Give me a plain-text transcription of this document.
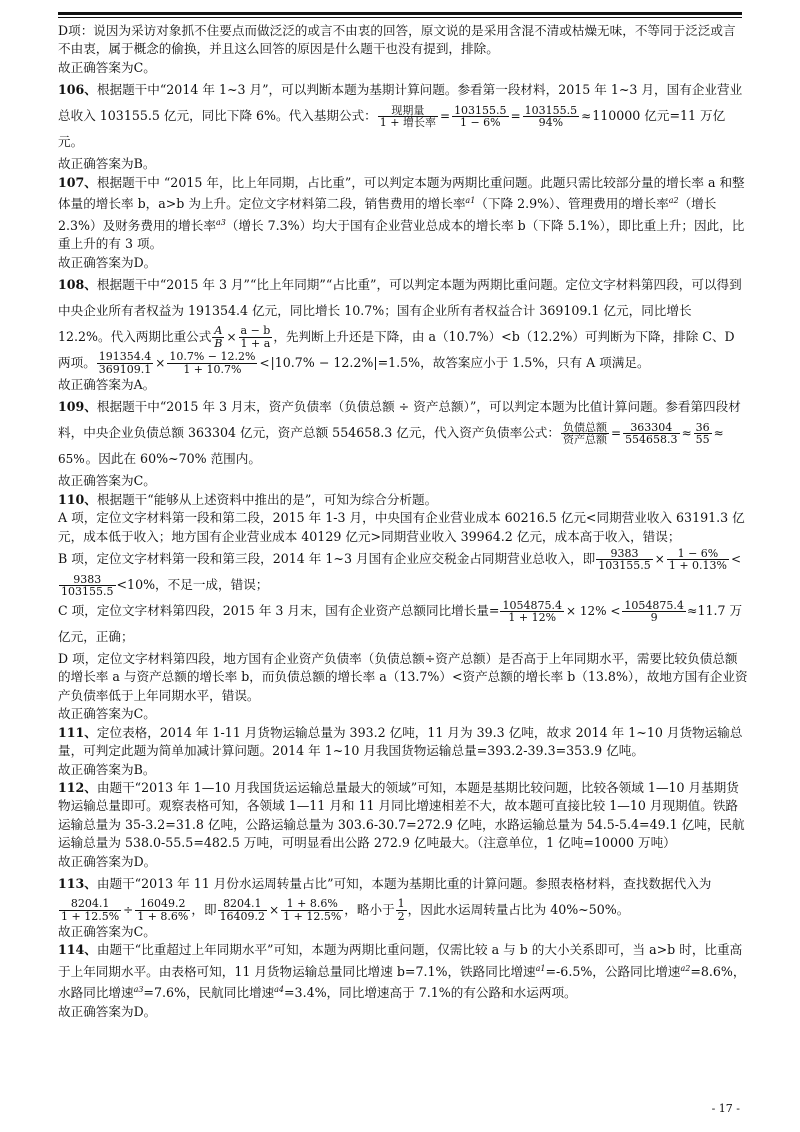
D项：说因为采访对象抓不住要点而做泛泛的或言不由衷的回答，原文说的是采用含混不清或枯燥无味，不等同于泛泛或言不由衷，属于概念的偷换，并且这么回答的原因是什么题干也没有提到，排除。

故正确答案为C。

106、根据题干中“2014 年 1~3 月”，可以判断本题为基期计算问题。参看第一段材料，2015 年 1~3 月，国有企业营业总收入 103155.5 亿元，同比下降 6%。代入基期公式： $\frac{\text{现期量}}{\text{1 + 增长率}} = \frac{103155.5}{1 - 6\%} = \frac{103155.5}{94\%} \approx 110000$ 亿元=11 万亿元。

故正确答案为B。

107、根据题干中 “2015 年，比上年同期，占比重”，可以判定本题为两期比重问题。此题只需比较部分量的增长率 a 和整体量的增长率 b，a>b 为上升。定位文字材料第二段，销售费用的增长率$^{a1}$（下降 2.9%）、管理费用的增长率$^{a2}$（增长 2.3%）及财务费用的增长率$^{a3}$（增长 7.3%）均大于国有企业营业总成本的增长率 b（下降 5.1%），即比重上升；因此，比重上升的有 3 项。

故正确答案为D。

108、根据题干中“2015 年 3 月”“比上年同期”“占比重”，可以判定本题为两期比重问题。定位文字材料第四段，可以得到中央企业所有者权益为 191354.4 亿元，同比增长 10.7%；国有企业所有者权益合计 369109.1 亿元，同比增长 12.2%。代入两期比重公式 $\frac{A}{B} \times \frac{a - b}{1 + a}$ ，先判断上升还是下降，由 a（10.7%）<b（12.2%）可判断为下降，排除 C、D 两项。 $\frac{191354.4}{369109.1} \times \frac{10.7\% - 12.2\%}{1 + 10.7\%} <|10.7\% - 12.2\%|=1.5\%$，故答案应小于 1.5%，只有 A 项满足。

故正确答案为A。

109、根据题干中“2015 年 3 月末，资产负债率（负债总额 ÷ 资产总额）”，可以判定本题为比值计算问题。参看第四段材料，中央企业负债总额 363304 亿元，资产总额 554658.3 亿元，代入资产负债率公式： $\frac{\text{负债总额}}{\text{资产总额}} = \frac{363304}{554658.3} \approx \frac{36}{55} \approx 65\%$。因此在 60%~70% 范围内。

故正确答案为C。

110、根据题干“能够从上述资料中推出的是”，可知为综合分析题。

A 项，定位文字材料第一段和第二段，2015 年 1-3 月，中央国有企业营业成本 60216.5 亿元<同期营业收入 63191.3 亿元，成本低于收入；地方国有企业营业成本 40129 亿元>同期营业收入 39964.2 亿元，成本高于收入，错误；

B 项，定位文字材料第一段和第三段，2014 年 1~3 月国有企业应交税金占同期营业总收入，即 $\frac{9383}{103155.5} \times \frac{1 - 6\%}{1 + 0.13\%}$ <
$\frac{9383}{103155.5} <10\%$，不足一成，错误；

C 项，定位文字材料第四段，2015 年 3 月末，国有企业资产总额同比增长量= $\frac{1054875.4}{1 + 12\%} \times 12\% < \frac{1054875.4}{9} \approx 11.7$ 万亿元，正确；

D 项，定位文字材料第四段，地方国有企业资产负债率（负债总额÷资产总额）是否高于上年同期水平，需要比较负债总额的增长率 a 与资产总额的增长率 b，而负债总额的增长率 a（13.7%）<资产总额的增长率 b（13.8%），故地方国有企业资产负债率低于上年同期水平，错误。

故正确答案为C。

111、定位表格，2014 年 1-11 月货物运输总量为 393.2 亿吨，11 月为 39.3 亿吨，故求 2014 年 1~10 月货物运输总量，可判定此题为简单加减计算问题。2014 年 1~10 月我国货物运输总量=393.2-39.3=353.9 亿吨。

故正确答案为B。

112、由题干“2013 年 1—10 月我国货运运输总量最大的领域”可知，本题是基期比较问题，比较各领域 1—10 月基期货物运输总量即可。观察表格可知，各领域 1—11 月和 11 月同比增速相差不大，故本题可直接比较 1—10 月现期值。铁路运输总量为 35-3.2=31.8 亿吨，公路运输总量为 303.6-30.7=272.9 亿吨，水路运输总量为 54.5-5.4=49.1 亿吨，民航运输总量为 538.0-55.5=482.5 万吨，可明显看出公路 272.9 亿吨最大。（注意单位，1 亿吨=10000 万吨）

故正确答案为D。

113、由题干“2013 年 11 月份水运周转量占比”可知，本题为基期比重的计算问题。参照表格材料，查找数据代入为
$\frac{8204.1}{1 + 12.5\%} \div \frac{16049.2}{1 + 8.6\%}$ ，即 $\frac{8204.1}{16409.2} \times \frac{1 + 8.6\%}{1 + 12.5\%}$ ，略小于 $\frac{1}{2}$ ，因此水运周转量占比为 40%~50%。

故正确答案为C。

114、由题干“比重超过上年同期水平”可知，本题为两期比重问题，仅需比较 a 与 b 的大小关系即可，当 a>b 时，比重高于上年同期水平。由表格可知，11 月货物运输总量同比增速 b=7.1%，铁路同比增速$^{a1}$=-6.5%，公路同比增速$^{a2}$=8.6%，水路同比增速$^{a3}$=7.6%，民航同比增速$^{a4}$=3.4%，同比增速高于 7.1%的有公路和水运两项。

故正确答案为D。

- 17 -
